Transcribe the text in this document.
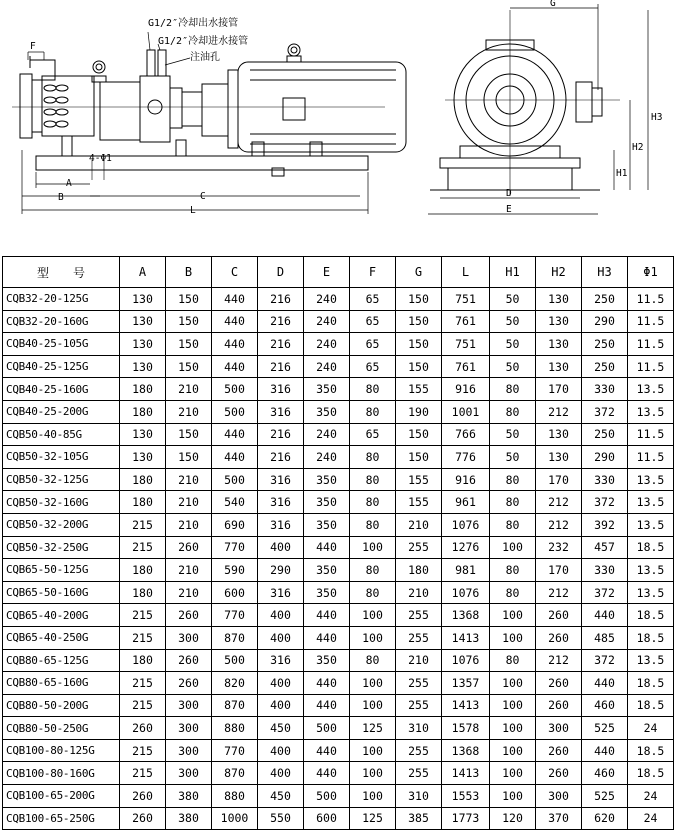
G1/2″冷却出水接管
G1/2″冷却进水接管
注油孔
F
4-Φ1
A
B	C
L
G
H3
H2
H1
D
E
型　　号	A	B	C	D	E	F	G	L	H1	H2	H3	Φ1
CQB32-20-125G	130	150	440	216	240	65	150	751	50	130	250	11.5
CQB32-20-160G	130	150	440	216	240	65	150	761	50	130	290	11.5
CQB40-25-105G	130	150	440	216	240	65	150	751	50	130	250	11.5
CQB40-25-125G	130	150	440	216	240	65	150	761	50	130	250	11.5
CQB40-25-160G	180	210	500	316	350	80	155	916	80	170	330	13.5
CQB40-25-200G	180	210	500	316	350	80	190	1001	80	212	372	13.5
CQB50-40-85G	130	150	440	216	240	65	150	766	50	130	250	11.5
CQB50-32-105G	130	150	440	216	240	80	150	776	50	130	290	11.5
CQB50-32-125G	180	210	500	316	350	80	155	916	80	170	330	13.5
CQB50-32-160G	180	210	540	316	350	80	155	961	80	212	372	13.5
CQB50-32-200G	215	210	690	316	350	80	210	1076	80	212	392	13.5
CQB50-32-250G	215	260	770	400	440	100	255	1276	100	232	457	18.5
CQB65-50-125G	180	210	590	290	350	80	180	981	80	170	330	13.5
CQB65-50-160G	180	210	600	316	350	80	210	1076	80	212	372	13.5
CQB65-40-200G	215	260	770	400	440	100	255	1368	100	260	440	18.5
CQB65-40-250G	215	300	870	400	440	100	255	1413	100	260	485	18.5
CQB80-65-125G	180	260	500	316	350	80	210	1076	80	212	372	13.5
CQB80-65-160G	215	260	820	400	440	100	255	1357	100	260	440	18.5
CQB80-50-200G	215	300	870	400	440	100	255	1413	100	260	460	18.5
CQB80-50-250G	260	300	880	450	500	125	310	1578	100	300	525	24
CQB100-80-125G	215	300	770	400	440	100	255	1368	100	260	440	18.5
CQB100-80-160G	215	300	870	400	440	100	255	1413	100	260	460	18.5
CQB100-65-200G	260	380	880	450	500	100	310	1553	100	300	525	24
CQB100-65-250G	260	380	1000	550	600	125	385	1773	120	370	620	24
